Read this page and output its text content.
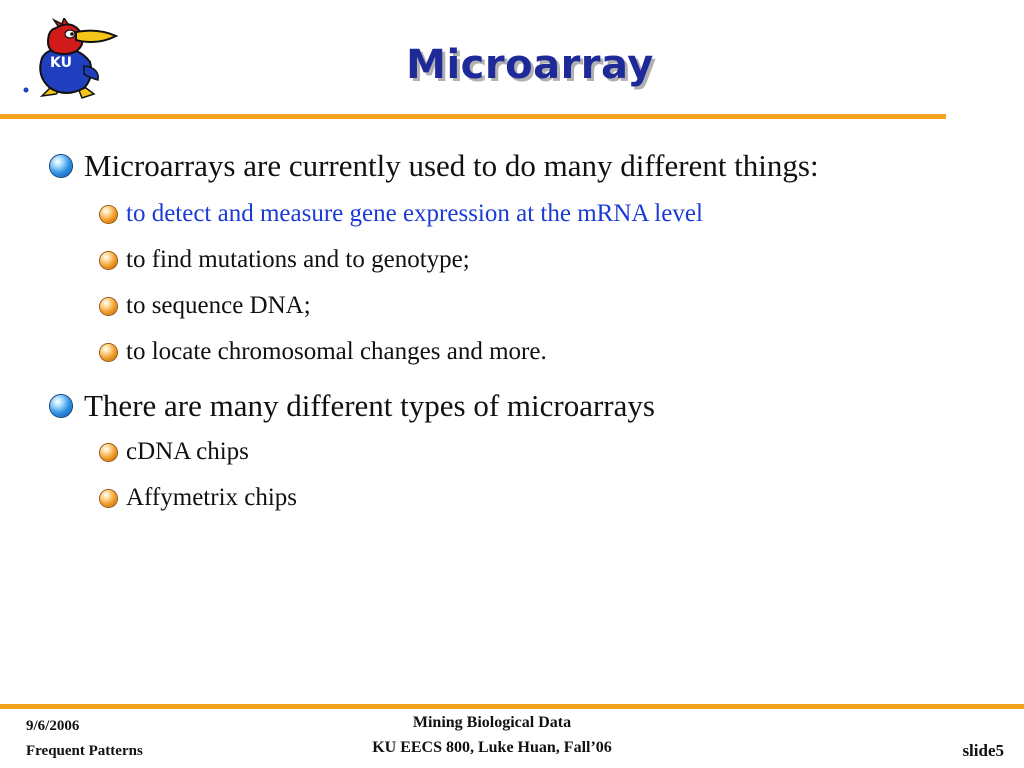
KU	Microarray
Microarrays are currently used to do many different things:
to detect and measure gene expression at the mRNA level
to find mutations and to genotype;
to sequence DNA;
to locate chromosomal changes and more.
There are many different types of microarrays
cDNA chips
Affymetrix chips
9/6/2006
Frequent Patterns
Mining Biological Data
KU EECS 800, Luke Huan, Fall’06	slide5
